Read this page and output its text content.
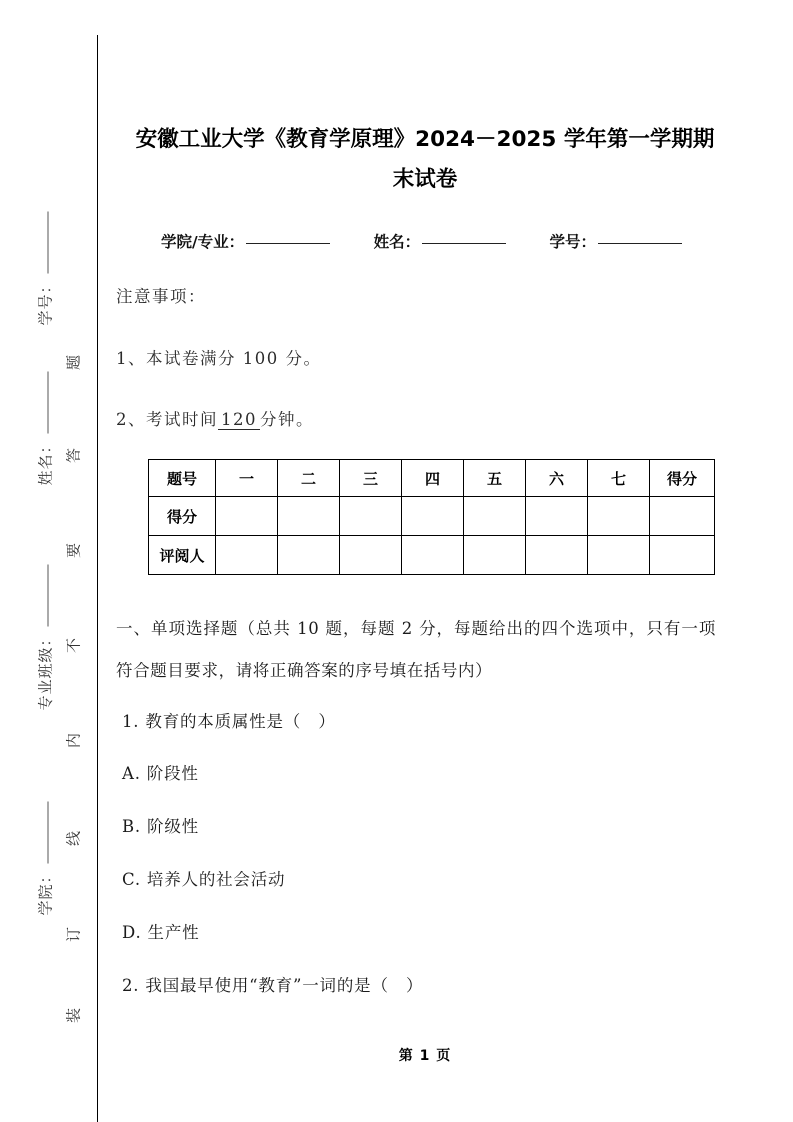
学号：
姓名：
专业班级：
学院：
题
答
要
不
内
线
订
装
安徽工业大学《教育学原理》2024－2025 学年第一学期期末试卷
学院/专业：	姓名：	学号：
注意事项：
1、本试卷满分 100 分。
2、考试时间 120 分钟。
题号	一	二	三	四	五	六	七	得分
得分								
评阅人								
一、单项选择题（总共 10 题，每题 2 分，每题给出的四个选项中，只有一项符合题目要求，请将正确答案的序号填在括号内）
1. 教育的本质属性是（　）
A. 阶段性
B. 阶级性
C. 培养人的社会活动
D. 生产性
2. 我国最早使用“教育”一词的是（　）
第 1 页
